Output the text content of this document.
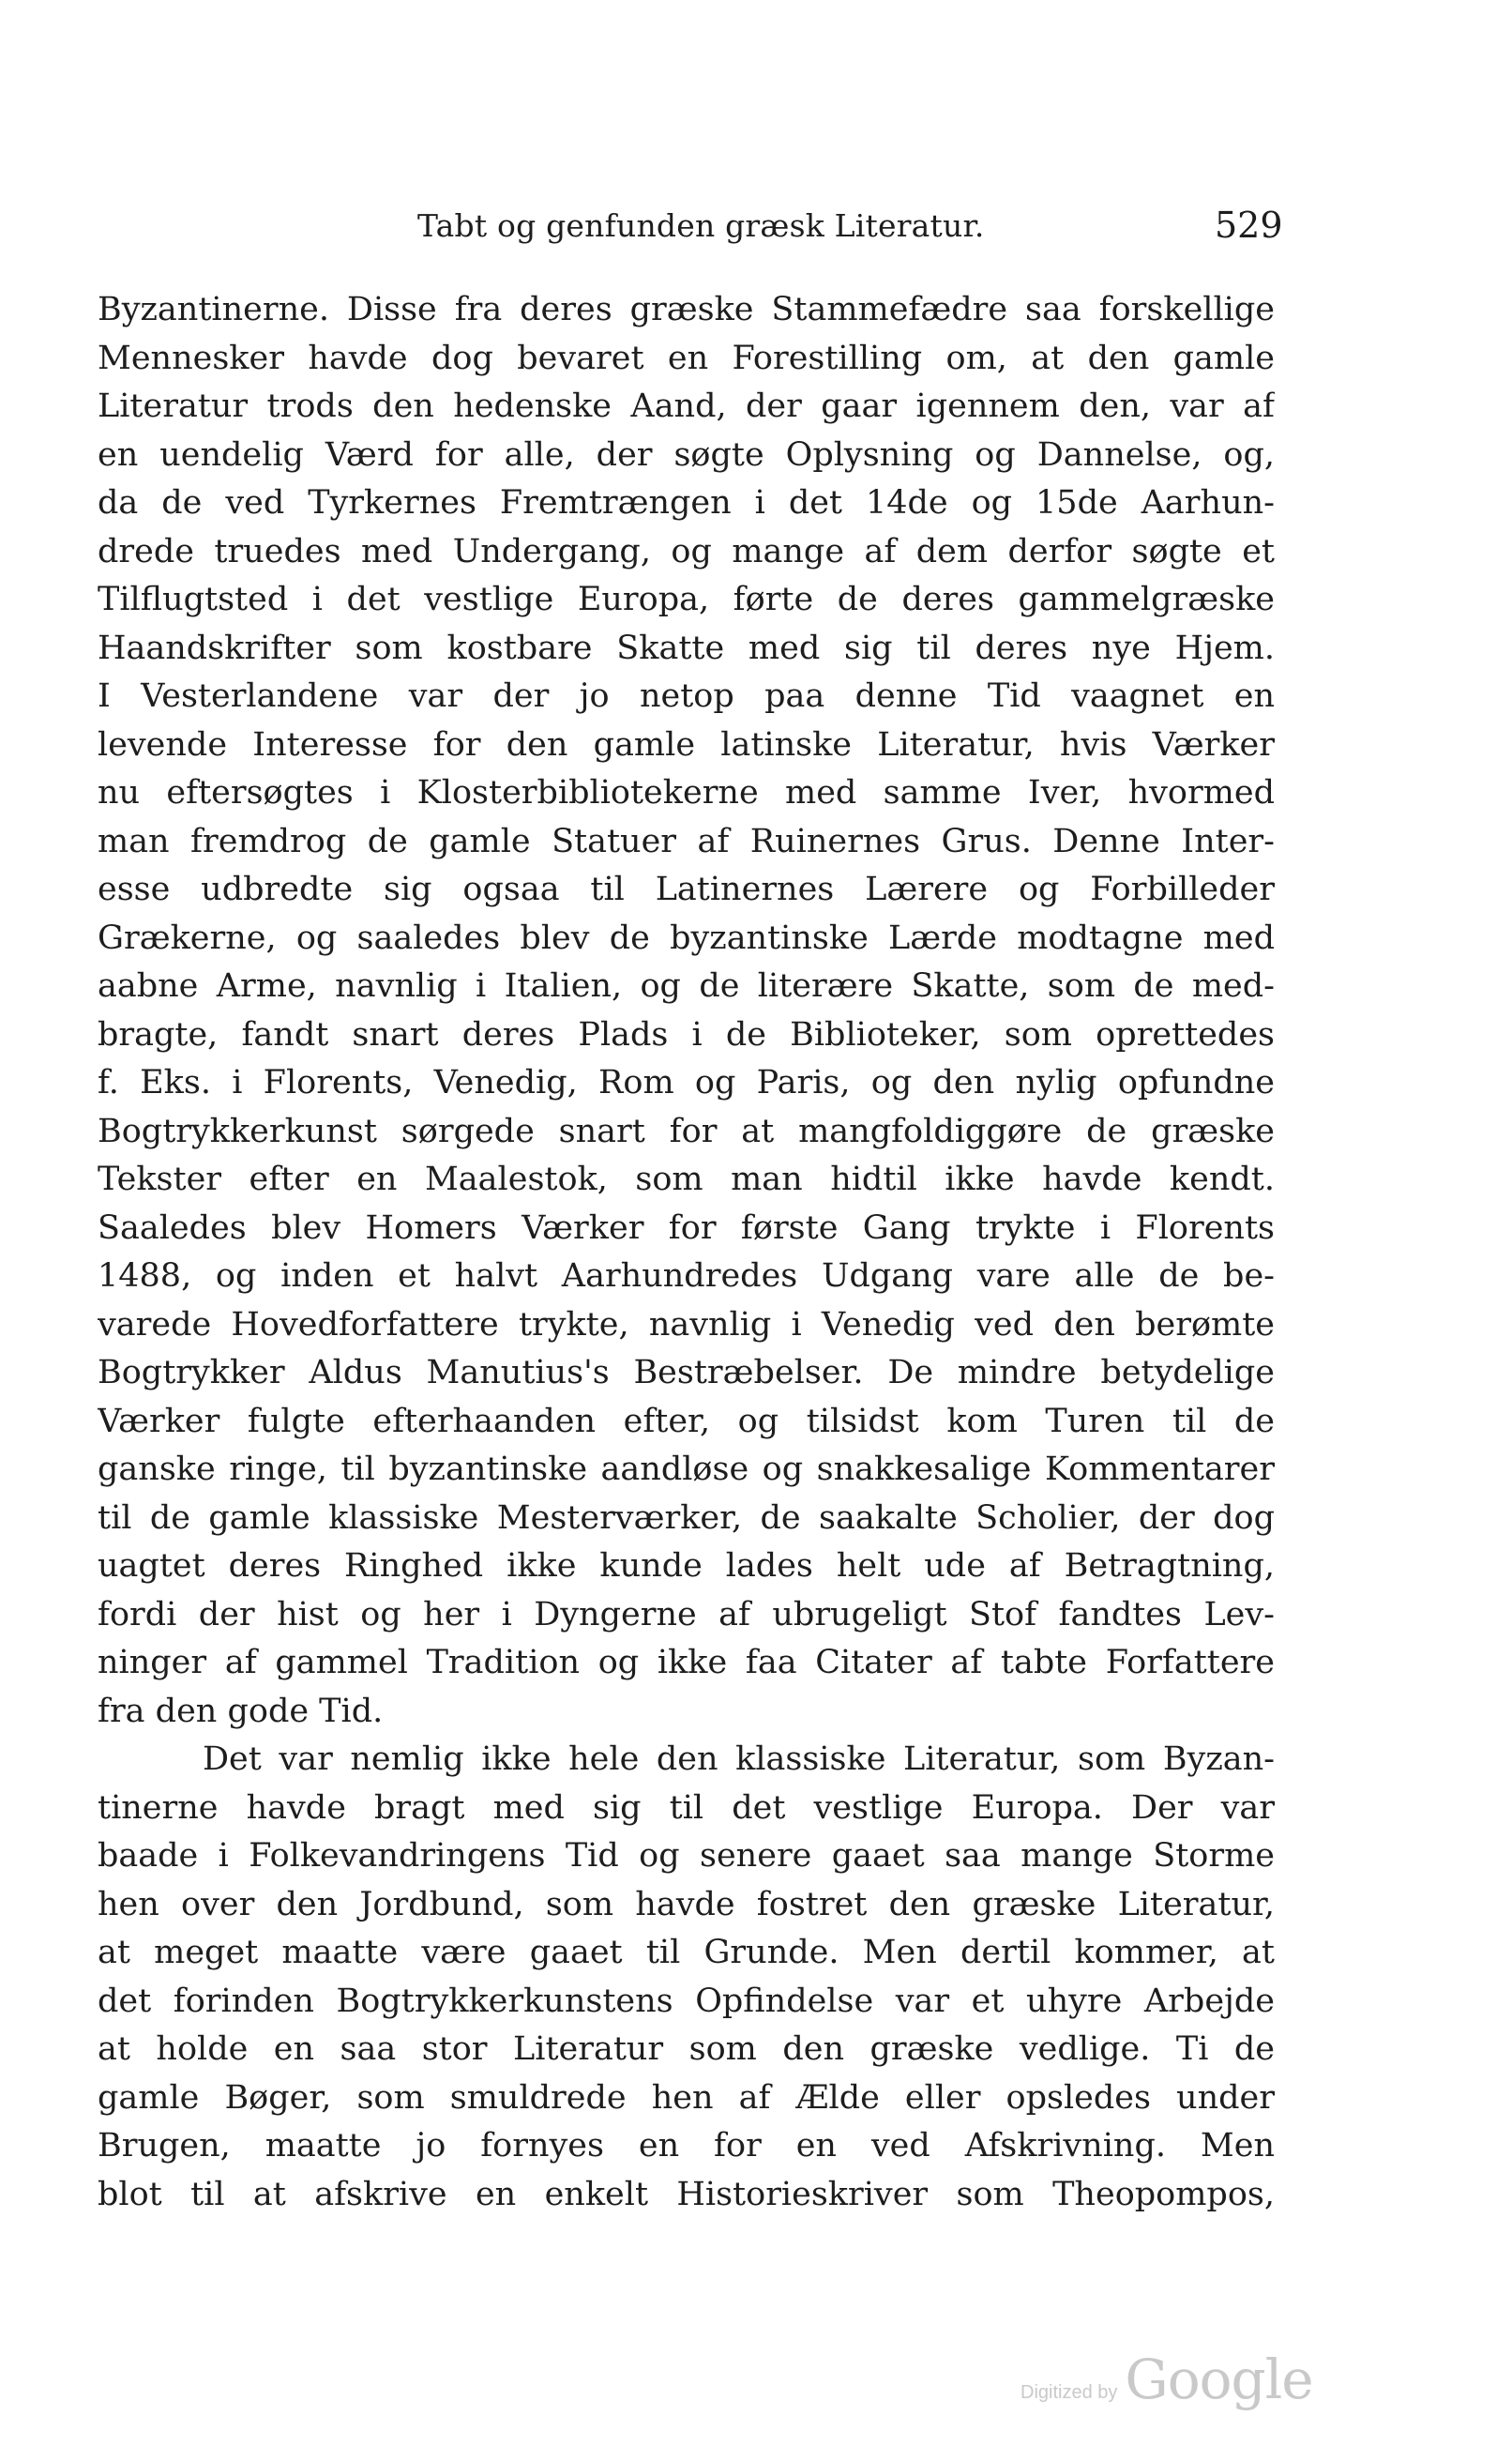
Tabt og genfunden græsk Literatur.	529
Byzantinerne. Disse fra deres græske Stammefædre saa forskellige
Mennesker havde dog bevaret en Forestilling om, at den gamle
Literatur trods den hedenske Aand, der gaar igennem den, var af
en uendelig Værd for alle, der søgte Oplysning og Dannelse, og,
da de ved Tyrkernes Fremtrængen i det 14de og 15de Aarhun-
drede truedes med Undergang, og mange af dem derfor søgte et
Tilflugtsted i det vestlige Europa, førte de deres gammelgræske
Haandskrifter som kostbare Skatte med sig til deres nye Hjem.
I Vesterlandene var der jo netop paa denne Tid vaagnet en
levende Interesse for den gamle latinske Literatur, hvis Værker
nu eftersøgtes i Klosterbibliotekerne med samme Iver, hvormed
man fremdrog de gamle Statuer af Ruinernes Grus. Denne Inter-
esse udbredte sig ogsaa til Latinernes Lærere og Forbilleder
Grækerne, og saaledes blev de byzantinske Lærde modtagne med
aabne Arme, navnlig i Italien, og de literære Skatte, som de med-
bragte, fandt snart deres Plads i de Biblioteker, som oprettedes
f. Eks. i Florents, Venedig, Rom og Paris, og den nylig opfundne
Bogtrykkerkunst sørgede snart for at mangfoldiggøre de græske
Tekster efter en Maalestok, som man hidtil ikke havde kendt.
Saaledes blev Homers Værker for første Gang trykte i Florents
1488, og inden et halvt Aarhundredes Udgang vare alle de be-
varede Hovedforfattere trykte, navnlig i Venedig ved den berømte
Bogtrykker Aldus Manutius's Bestræbelser. De mindre betydelige
Værker fulgte efterhaanden efter, og tilsidst kom Turen til de
ganske ringe, til byzantinske aandløse og snakkesalige Kommentarer
til de gamle klassiske Mesterværker, de saakalte Scholier, der dog
uagtet deres Ringhed ikke kunde lades helt ude af Betragtning,
fordi der hist og her i Dyngerne af ubrugeligt Stof fandtes Lev-
ninger af gammel Tradition og ikke faa Citater af tabte Forfattere
fra den gode Tid.
Det var nemlig ikke hele den klassiske Literatur, som Byzan-
tinerne havde bragt med sig til det vestlige Europa. Der var
baade i Folkevandringens Tid og senere gaaet saa mange Storme
hen over den Jordbund, som havde fostret den græske Literatur,
at meget maatte være gaaet til Grunde. Men dertil kommer, at
det forinden Bogtrykkerkunstens Opfindelse var et uhyre Arbejde
at holde en saa stor Literatur som den græske vedlige. Ti de
gamle Bøger, som smuldrede hen af Ælde eller opsledes under
Brugen, maatte jo fornyes en for en ved Afskrivning. Men
blot til at afskrive en enkelt Historieskriver som Theopompos,
Digitized by Google
